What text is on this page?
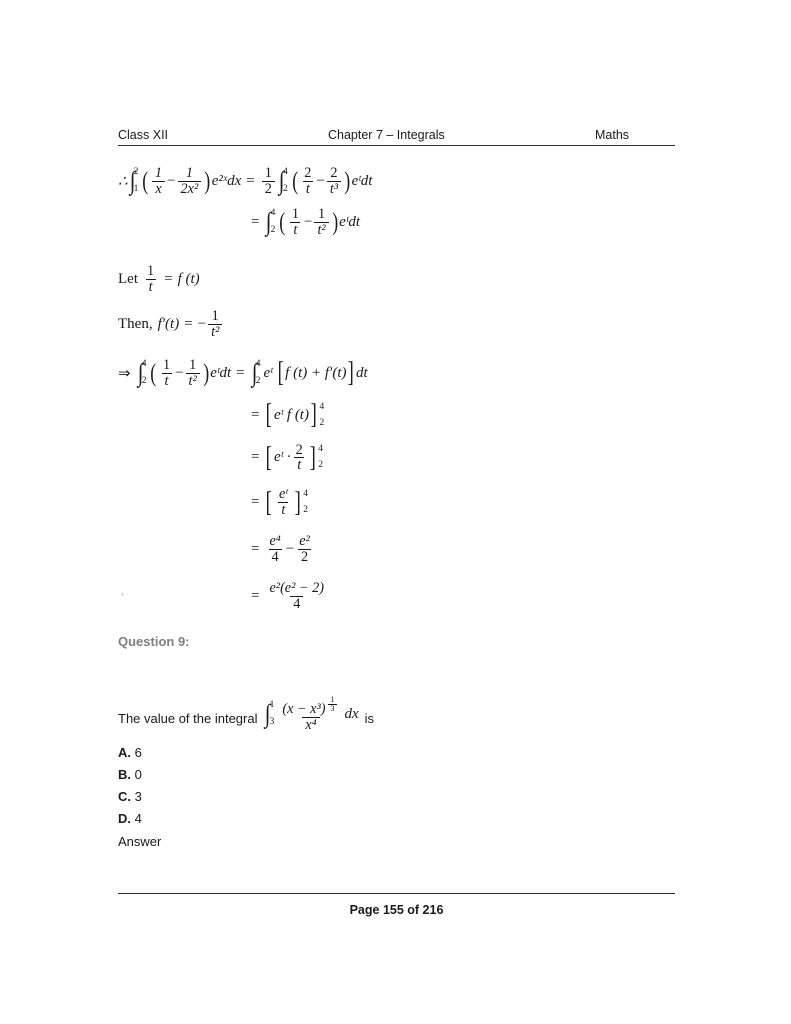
Class XII	Chapter 7 – Integrals	Maths
∴ ∫
2
1 ( $\frac{1}{x} - \frac{1}{\text{2x²}}$ ) e²ˣdx = $\frac{1}{2}$ ∫
4
2 ( $\frac{2}{t} - \frac{2}{\text{t³}}$ ) eᵗdt
= ∫
4
2 ( $\frac{1}{t} - \frac{1}{\text{t²}}$ ) eᵗdt
Let $\frac{1}{t} = f$ (t)
Then, f′(t) = − $\frac{1}{\text{t²}}$
⇒ ∫
4
2 ( $\frac{1}{t} - \frac{1}{\text{t²}}$ ) eᵗdt = ∫
4
2 eᵗ [ f (t) + f′(t) ] dt
= [ eᵗ f (t) ] 4
2
= [ eᵗ · $\frac{2}{t}$ ] 4
2
= [ $\frac{\text{eᵗ}}{t}$ ] 4
2
= $\frac{\text{e⁴}}{4} - \frac{\text{e²}}{2}$
= $\frac{\text{e²(e² − 2)}}{4}$
ʻ
Question 9:
The value of the integral ∫
1
3 (x − x³) $^{\frac{1}{3}}$
x⁴ dx is
A. 6
B. 0
C. 3
D. 4
Answer
Page 155 of 216
